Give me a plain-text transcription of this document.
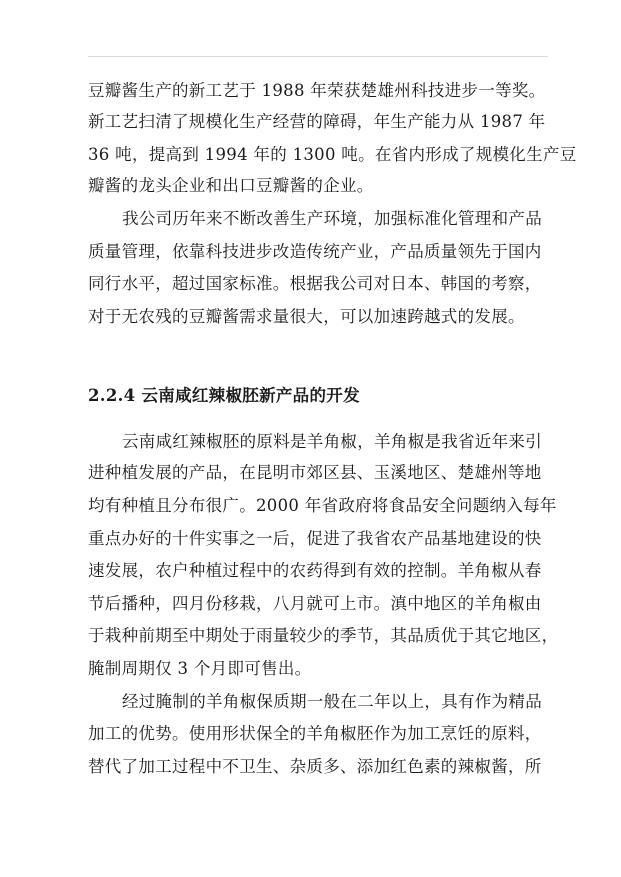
豆瓣酱生产的新工艺于 1988 年荣获楚雄州科技进步一等奖。
新工艺扫清了规模化生产经营的障碍，年生产能力从 1987 年
36 吨，提高到 1994 年的 1300 吨。在省内形成了规模化生产豆
瓣酱的龙头企业和出口豆瓣酱的企业。
我公司历年来不断改善生产环境，加强标准化管理和产品
质量管理，依靠科技进步改造传统产业，产品质量领先于国内
同行水平，超过国家标准。根据我公司对日本、韩国的考察，
对于无农残的豆瓣酱需求量很大，可以加速跨越式的发展。
2.2.4 云南咸红辣椒胚新产品的开发
云南咸红辣椒胚的原料是羊角椒，羊角椒是我省近年来引
进种植发展的产品，在昆明市郊区县、玉溪地区、楚雄州等地
均有种植且分布很广。2000 年省政府将食品安全问题纳入每年
重点办好的十件实事之一后，促进了我省农产品基地建设的快
速发展，农户种植过程中的农药得到有效的控制。羊角椒从春
节后播种，四月份移栽，八月就可上市。滇中地区的羊角椒由
于栽种前期至中期处于雨量较少的季节，其品质优于其它地区，
腌制周期仅 3 个月即可售出。
经过腌制的羊角椒保质期一般在二年以上，具有作为精品
加工的优势。使用形状保全的羊角椒胚作为加工烹饪的原料，
替代了加工过程中不卫生、杂质多、添加红色素的辣椒酱，所
